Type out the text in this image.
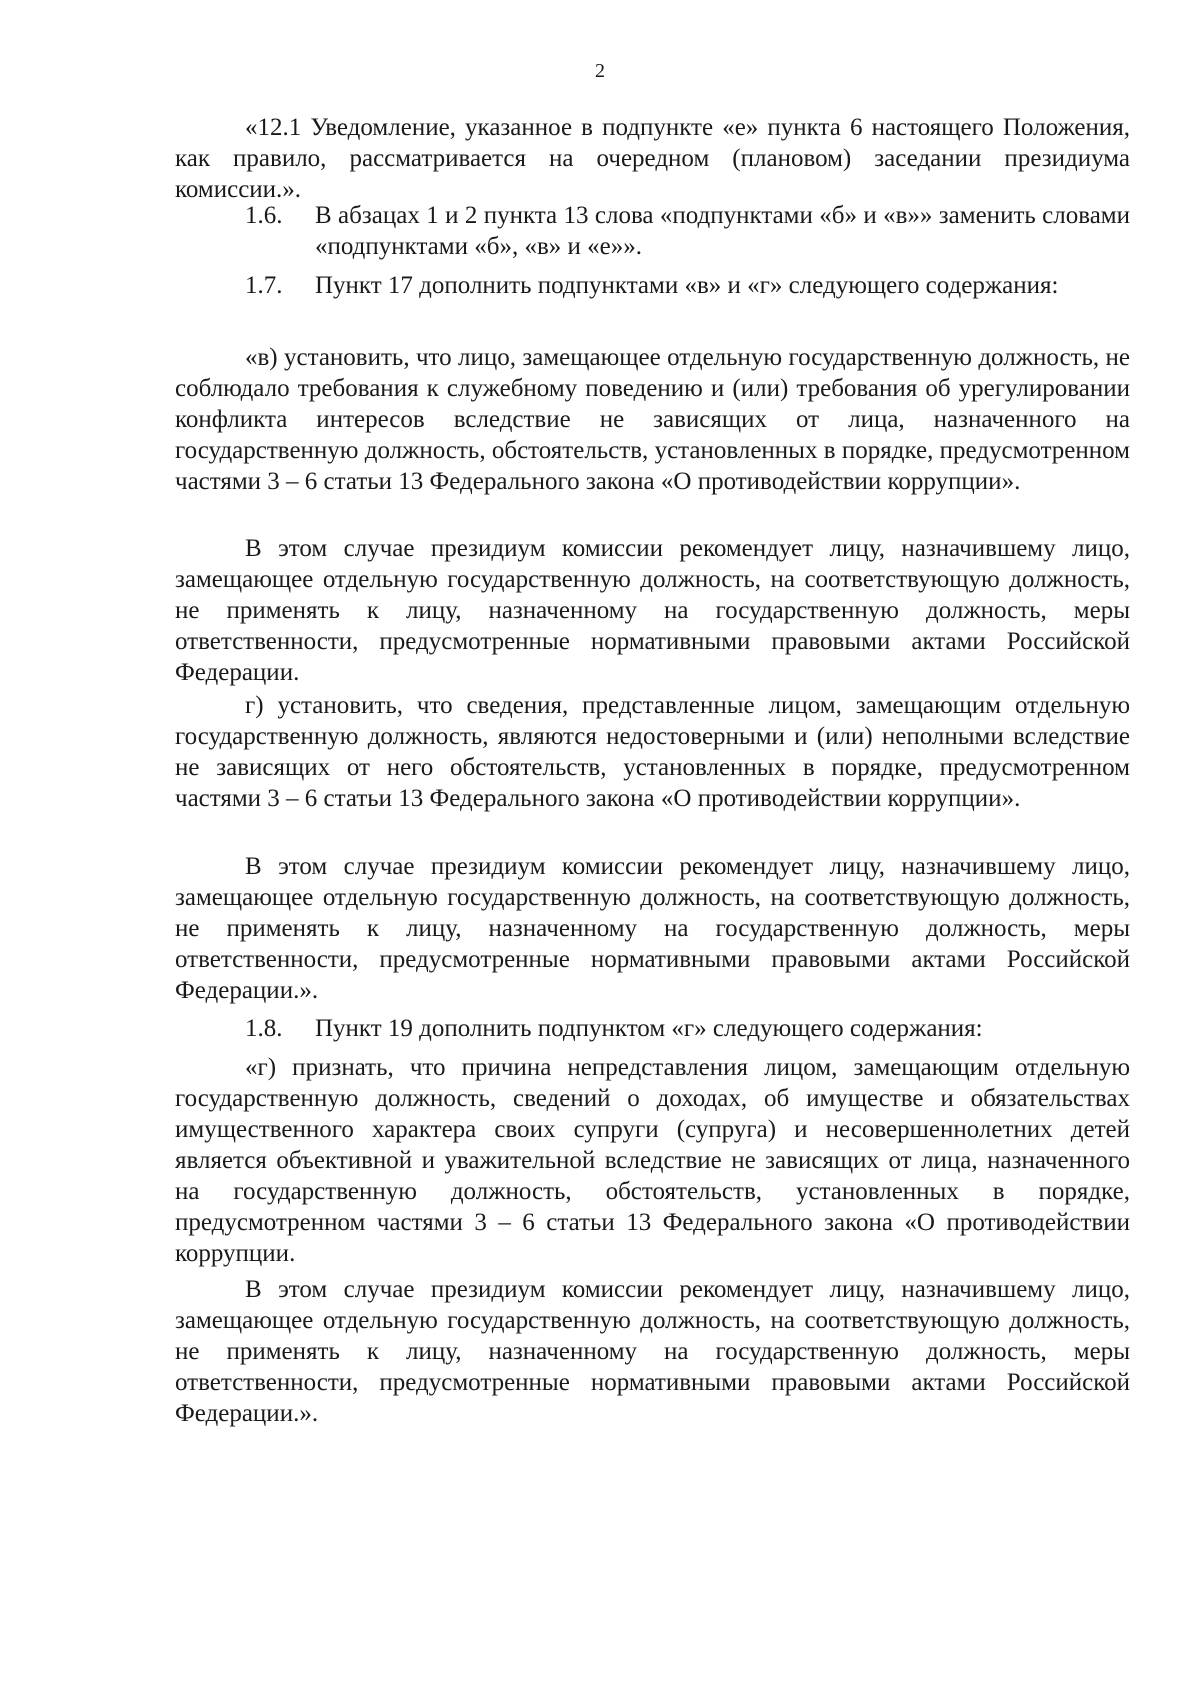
2

«12.1 Уведомление, указанное в подпункте «е» пункта 6 настоящего Положения, как правило, рассматривается на очередном (плановом) заседании президиума комиссии.».

1.6. В абзацах 1 и 2 пункта 13 слова «подпунктами «б» и «в»» заменить словами «подпунктами «б», «в» и «е»».
1.7. Пункт 17 дополнить подпунктами «в» и «г» следующего содержания:

«в) установить, что лицо, замещающее отдельную государственную должность, не соблюдало требования к служебному поведению и (или) требования об урегулировании конфликта интересов вследствие не зависящих от лица, назначенного на государственную должность, обстоятельств, установленных в порядке, предусмотренном частями 3 – 6 статьи 13 Федерального закона «О противодействии коррупции».

В этом случае президиум комиссии рекомендует лицу, назначившему лицо, замещающее отдельную государственную должность, на соответствующую должность, не применять к лицу, назначенному на государственную должность, меры ответственности, предусмотренные нормативными правовыми актами Российской Федерации.

г) установить, что сведения, представленные лицом, замещающим отдельную государственную должность, являются недостоверными и (или) неполными вследствие не зависящих от него обстоятельств, установленных в порядке, предусмотренном частями 3 – 6 статьи 13 Федерального закона «О противодействии коррупции».

В этом случае президиум комиссии рекомендует лицу, назначившему лицо, замещающее отдельную государственную должность, на соответствующую должность, не применять к лицу, назначенному на государственную должность, меры ответственности, предусмотренные нормативными правовыми актами Российской Федерации.».

1.8. Пункт 19 дополнить подпунктом «г» следующего содержания:

«г) признать, что причина непредставления лицом, замещающим отдельную государственную должность, сведений о доходах, об имуществе и обязательствах имущественного характера своих супруги (супруга) и несовершеннолетних детей является объективной и уважительной вследствие не зависящих от лица, назначенного на государственную должность, обстоятельств, установленных в порядке, предусмотренном частями 3 – 6 статьи 13 Федерального закона «О противодействии коррупции.

В этом случае президиум комиссии рекомендует лицу, назначившему лицо, замещающее отдельную государственную должность, на соответствующую должность, не применять к лицу, назначенному на государственную должность, меры ответственности, предусмотренные нормативными правовыми актами Российской Федерации.».
